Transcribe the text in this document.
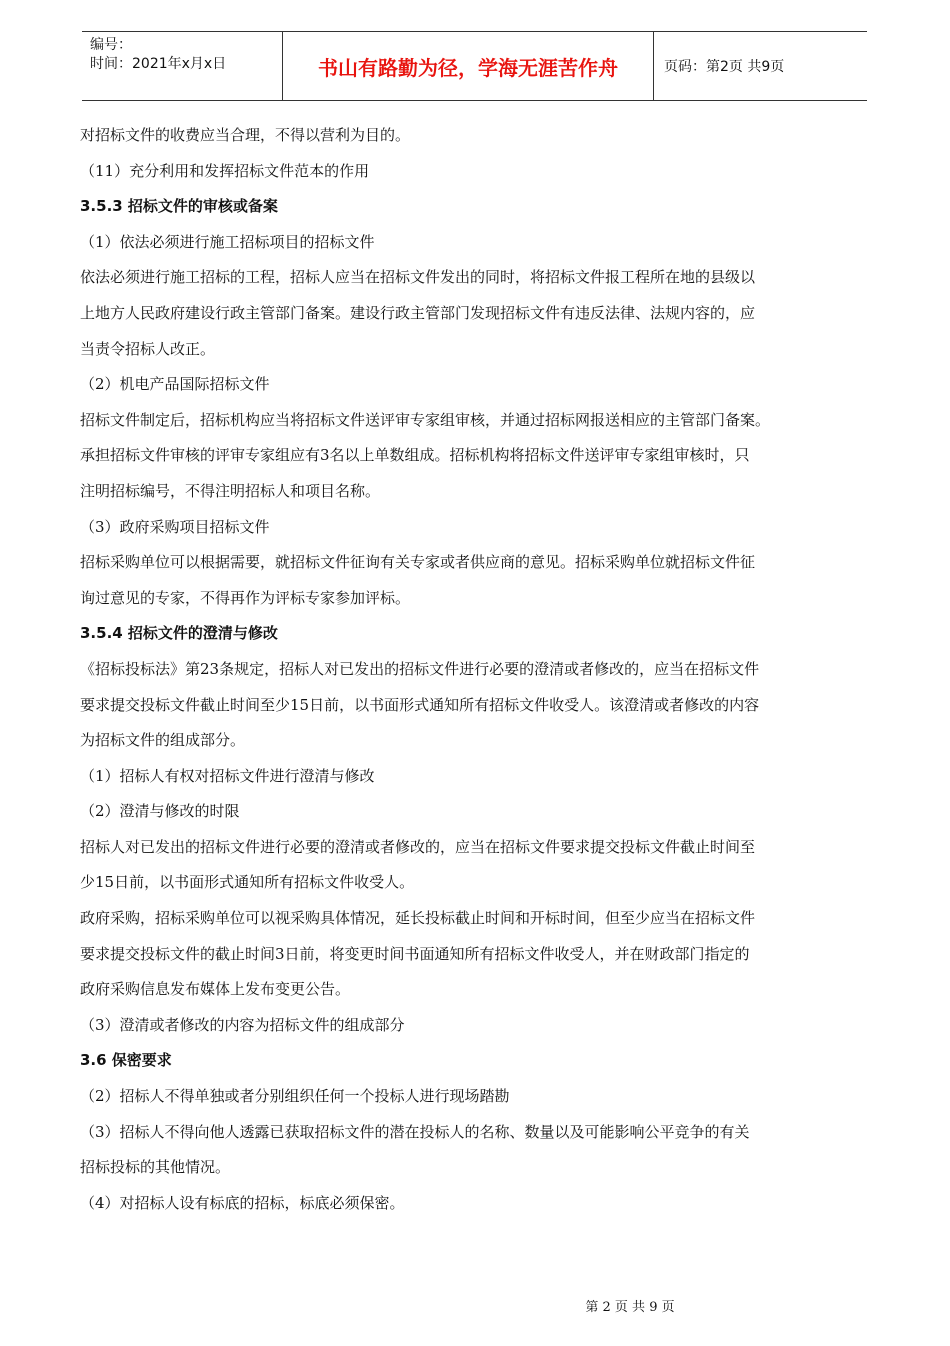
编号：
时间：2021年x月x日	书山有路勤为径，学海无涯苦作舟	页码：第2页 共9页
对招标文件的收费应当合理，不得以营利为目的。
（11）充分利用和发挥招标文件范本的作用
3.5.3 招标文件的审核或备案
（1）依法必须进行施工招标项目的招标文件
依法必须进行施工招标的工程，招标人应当在招标文件发出的同时，将招标文件报工程所在地的县级以
上地方人民政府建设行政主管部门备案。建设行政主管部门发现招标文件有违反法律、法规内容的，应
当责令招标人改正。
（2）机电产品国际招标文件
招标文件制定后，招标机构应当将招标文件送评审专家组审核，并通过招标网报送相应的主管部门备案。
承担招标文件审核的评审专家组应有3名以上单数组成。招标机构将招标文件送评审专家组审核时，只
注明招标编号，不得注明招标人和项目名称。
（3）政府采购项目招标文件
招标采购单位可以根据需要，就招标文件征询有关专家或者供应商的意见。招标采购单位就招标文件征
询过意见的专家，不得再作为评标专家参加评标。
3.5.4 招标文件的澄清与修改
《招标投标法》第23条规定，招标人对已发出的招标文件进行必要的澄清或者修改的，应当在招标文件
要求提交投标文件截止时间至少15日前，以书面形式通知所有招标文件收受人。该澄清或者修改的内容
为招标文件的组成部分。
（1）招标人有权对招标文件进行澄清与修改
（2）澄清与修改的时限
招标人对已发出的招标文件进行必要的澄清或者修改的，应当在招标文件要求提交投标文件截止时间至
少15日前，以书面形式通知所有招标文件收受人。
政府采购，招标采购单位可以视采购具体情况，延长投标截止时间和开标时间，但至少应当在招标文件
要求提交投标文件的截止时间3日前，将变更时间书面通知所有招标文件收受人，并在财政部门指定的
政府采购信息发布媒体上发布变更公告。
（3）澄清或者修改的内容为招标文件的组成部分
3.6 保密要求
（2）招标人不得单独或者分别组织任何一个投标人进行现场踏勘
（3）招标人不得向他人透露已获取招标文件的潜在投标人的名称、数量以及可能影响公平竞争的有关
招标投标的其他情况。
（4）对招标人设有标底的招标，标底必须保密。
第 2 页 共 9 页
